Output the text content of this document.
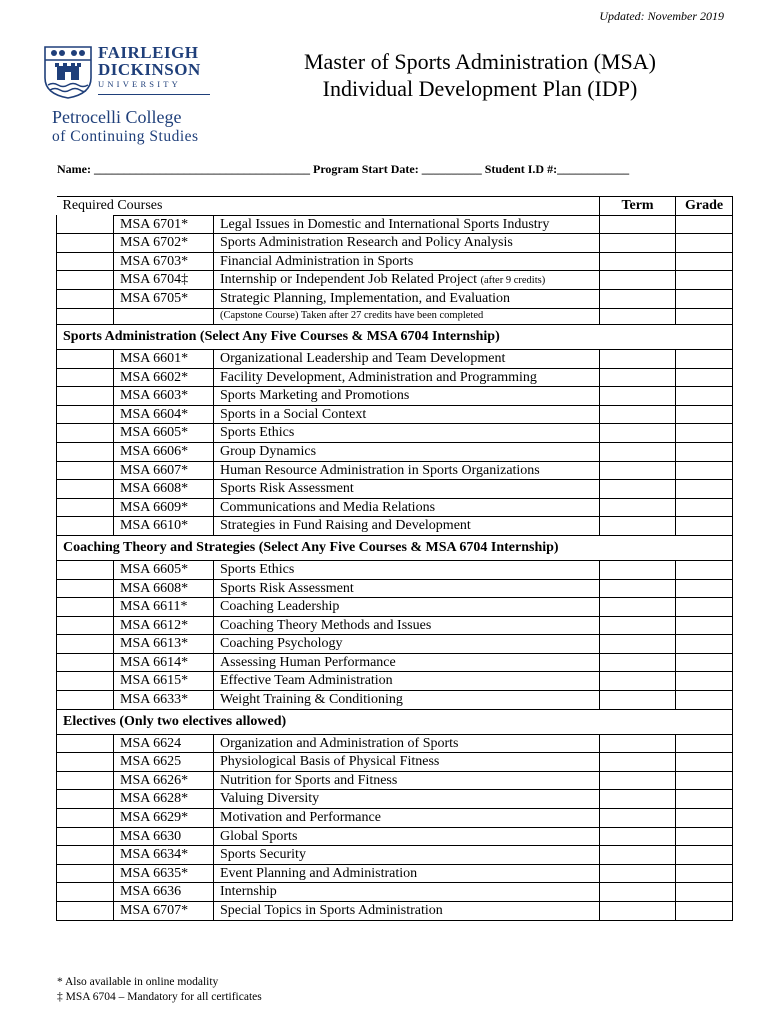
Updated: November 2019
FAIRLEIGH
DICKINSON
UNIVERSITY
Petrocelli College
of Continuing Studies
Master of Sports Administration (MSA)
Individual Development Plan (IDP)
Name: ____________________________________ Program Start Date: __________ Student I.D #:____________
Required Courses			Term	Grade
	MSA 6701*	Legal Issues in Domestic and International Sports Industry		
	MSA 6702*	Sports Administration Research and Policy Analysis		
	MSA 6703*	Financial Administration in Sports		
	MSA 6704‡	Internship or Independent Job Related Project (after 9 credits)		
	MSA 6705*	Strategic Planning, Implementation, and Evaluation		
		(Capstone Course) Taken after 27 credits have been completed		
Sports Administration (Select Any Five Courses & MSA 6704 Internship)				
	MSA 6601*	Organizational Leadership and Team Development		
	MSA 6602*	Facility Development, Administration and Programming		
	MSA 6603*	Sports Marketing and Promotions		
	MSA 6604*	Sports in a Social Context		
	MSA 6605*	Sports Ethics		
	MSA 6606*	Group Dynamics		
	MSA 6607*	Human Resource Administration in Sports Organizations		
	MSA 6608*	Sports Risk Assessment		
	MSA 6609*	Communications and Media Relations		
	MSA 6610*	Strategies in Fund Raising and Development		
Coaching Theory and Strategies (Select Any Five Courses & MSA 6704 Internship)				
	MSA 6605*	Sports Ethics		
	MSA 6608*	Sports Risk Assessment		
	MSA 6611*	Coaching Leadership		
	MSA 6612*	Coaching Theory Methods and Issues		
	MSA 6613*	Coaching Psychology		
	MSA 6614*	Assessing Human Performance		
	MSA 6615*	Effective Team Administration		
	MSA 6633*	Weight Training & Conditioning		
Electives (Only two electives allowed)				
	MSA 6624	Organization and Administration of Sports		
	MSA 6625	Physiological Basis of Physical Fitness		
	MSA 6626*	Nutrition for Sports and Fitness		
	MSA 6628*	Valuing Diversity		
	MSA 6629*	Motivation and Performance		
	MSA 6630	Global Sports		
	MSA 6634*	Sports Security		
	MSA 6635*	Event Planning and Administration		
	MSA 6636	Internship		
	MSA 6707*	Special Topics in Sports Administration		
* Also available in online modality
‡ MSA 6704 – Mandatory for all certificates
